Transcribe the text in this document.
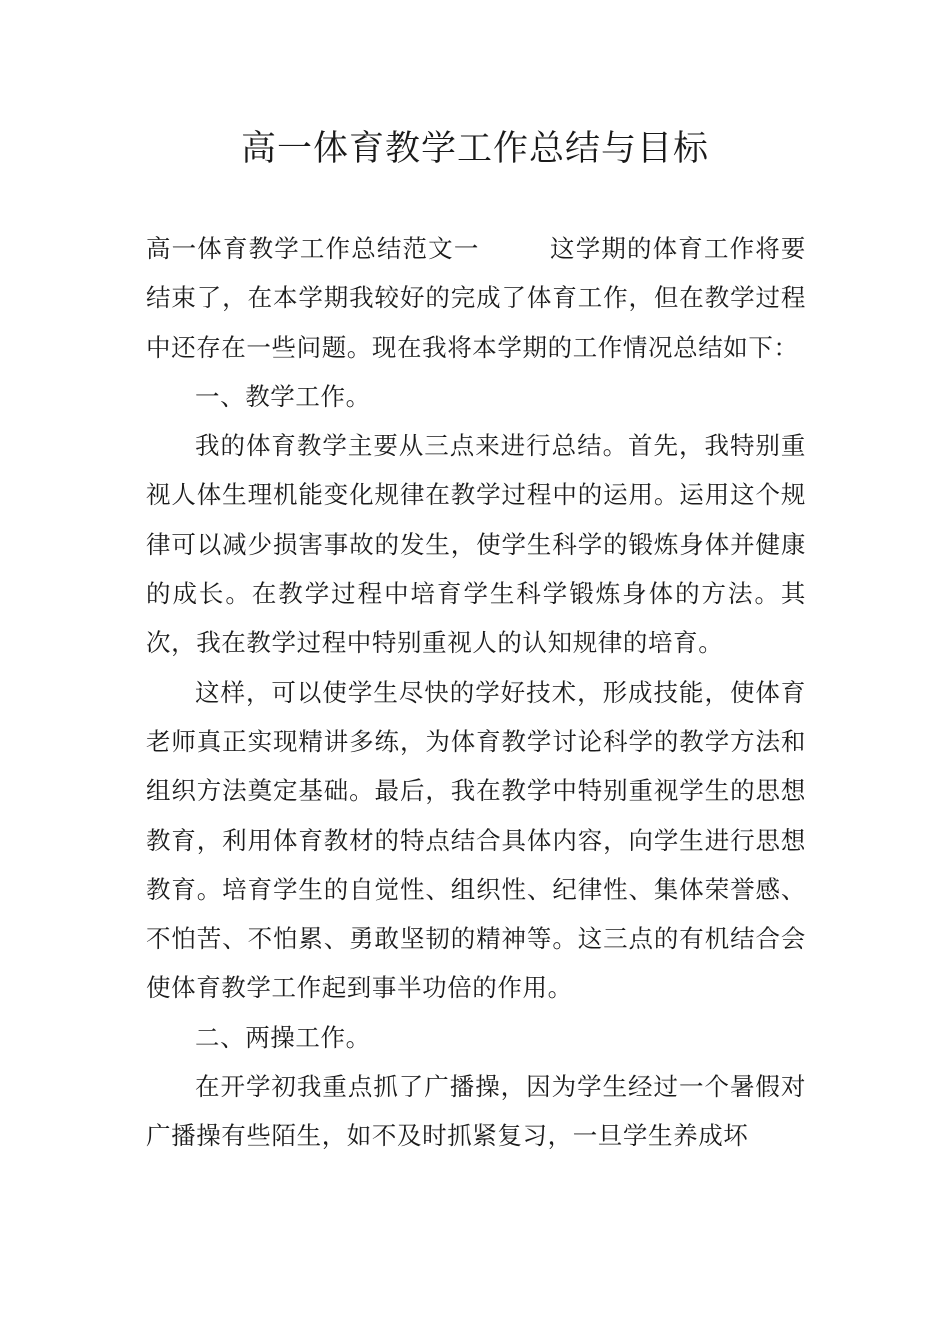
高一体育教学工作总结与目标

高一体育教学工作总结范文一	这学期的体育工作将要结束了，在本学期我较好的完成了体育工作，但在教学过程中还存在一些问题。现在我将本学期的工作情况总结如下：

一、教学工作。

我的体育教学主要从三点来进行总结。首先，我特别重视人体生理机能变化规律在教学过程中的运用。运用这个规律可以减少损害事故的发生，使学生科学的锻炼身体并健康的成长。在教学过程中培育学生科学锻炼身体的方法。其次，我在教学过程中特别重视人的认知规律的培育。

这样，可以使学生尽快的学好技术，形成技能，使体育老师真正实现精讲多练，为体育教学讨论科学的教学方法和组织方法奠定基础。最后，我在教学中特别重视学生的思想教育，利用体育教材的特点结合具体内容，向学生进行思想教育。培育学生的自觉性、组织性、纪律性、集体荣誉感、不怕苦、不怕累、勇敢坚韧的精神等。这三点的有机结合会使体育教学工作起到事半功倍的作用。

二、两操工作。

在开学初我重点抓了广播操，因为学生经过一个暑假对广播操有些陌生，如不及时抓紧复习，一旦学生养成坏
